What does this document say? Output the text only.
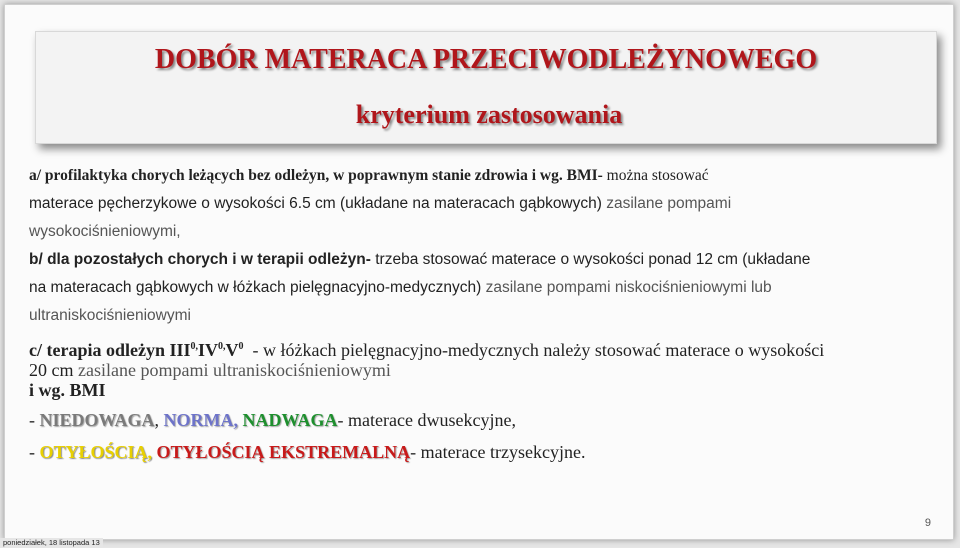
DOBÓR MATERACA PRZECIWODLEŻYNOWEGO
kryterium zastosowania
a/ profilaktyka chorych leżących bez odleżyn, w poprawnym stanie zdrowia i wg. BMI- można stosować
materace pęcherzykowe o wysokości 6.5 cm (układane na materacach gąbkowych) zasilane pompami
wysokociśnieniowymi,
b/ dla pozostałych chorych i w terapii odleżyn- trzeba stosować materace o wysokości ponad 12 cm (układane
na materacach gąbkowych w łóżkach pielęgnacyjno-medycznych) zasilane pompami niskociśnieniowymi lub
ultraniskociśnieniowymi
c/ terapia odleżyn $III^{0,}IV^{0,}V^0$  - w łóżkach pielęgnacyjno-medycznych należy stosować materace o wysokości
20 cm zasilane pompami ultraniskociśnieniowymi
i wg. BMI
- NIEDOWAGA, NORMA, NADWAGA- materace dwusekcyjne,
- OTYŁOŚCIĄ, OTYŁOŚCIĄ EKSTREMALNĄ- materace trzysekcyjne.
9
poniedziałek, 18 listopada 13
